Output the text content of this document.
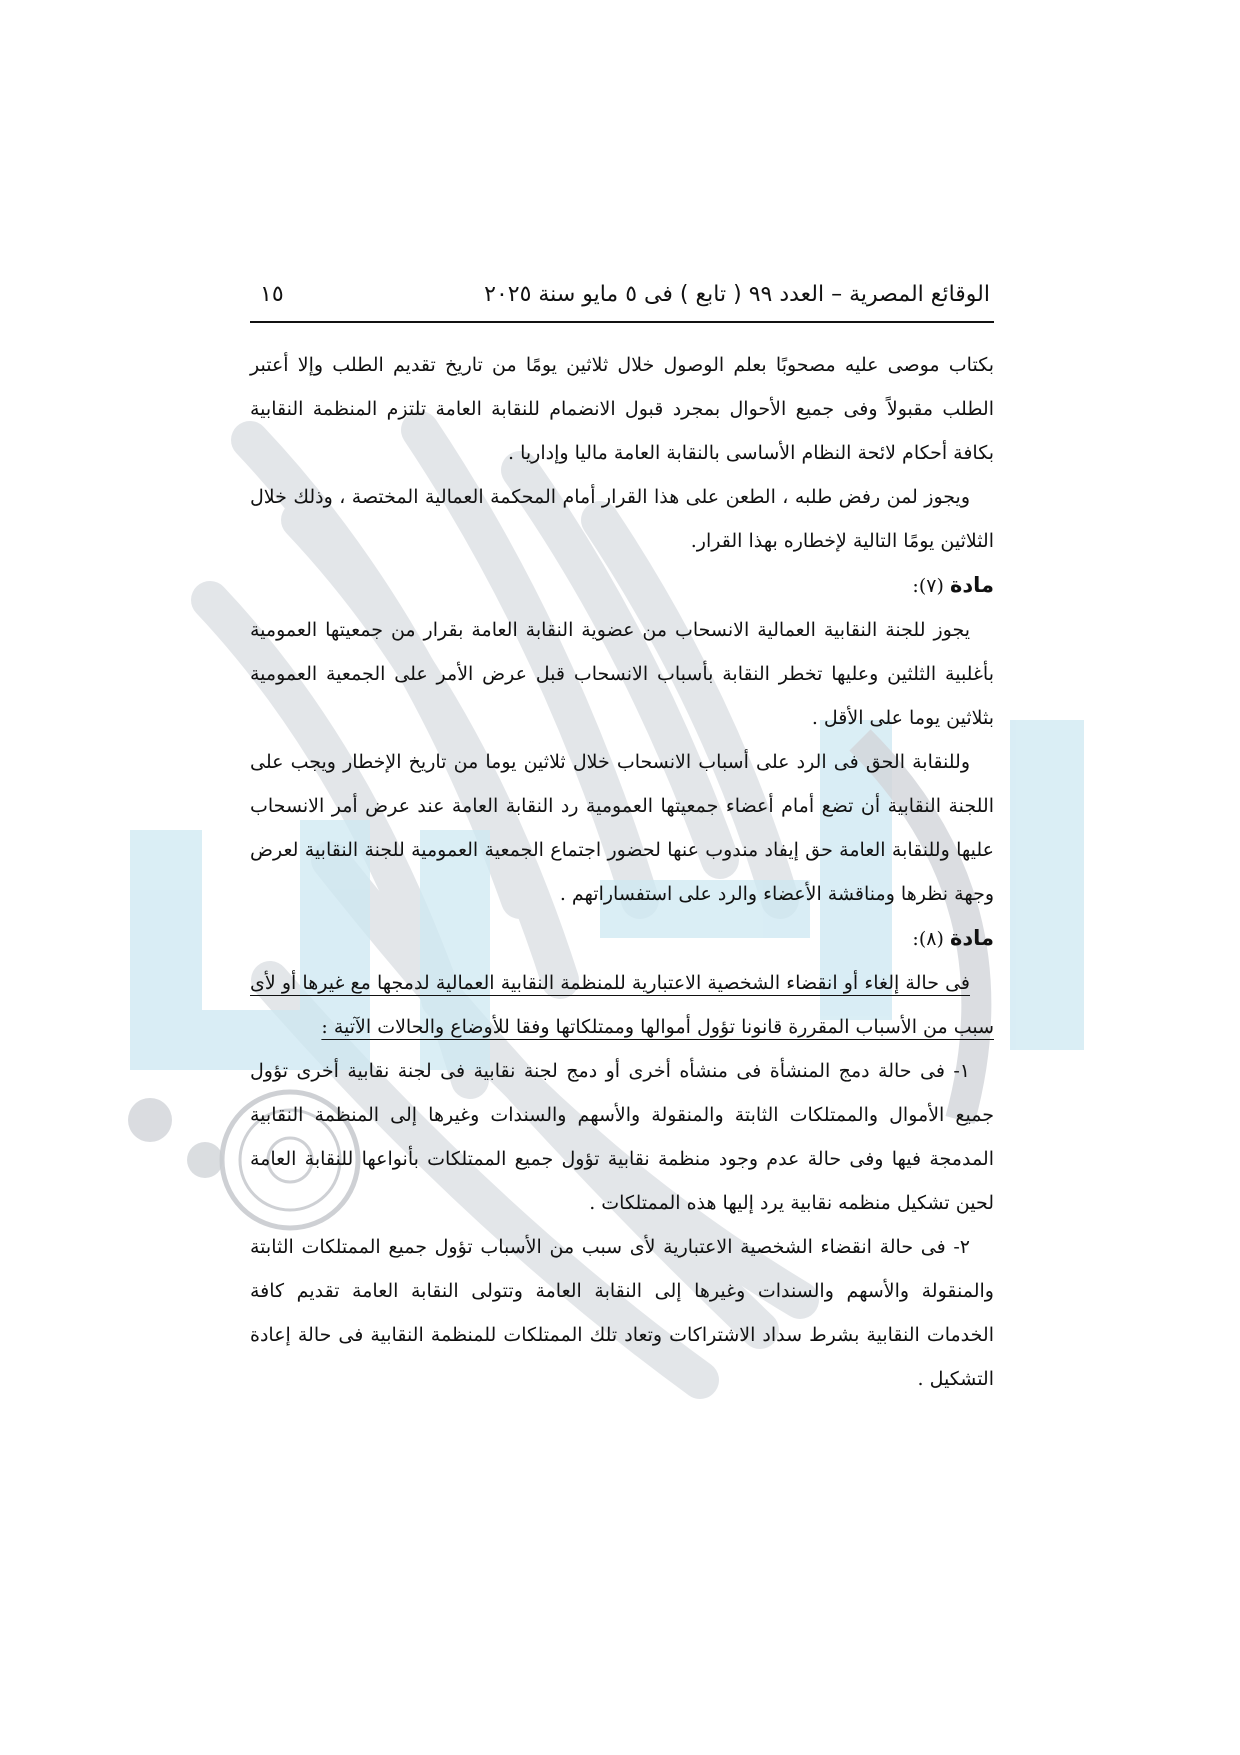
الوقائع المصرية – العدد ٩٩ ( تابع ) فى ٥ مايو سنة ٢٠٢٥
١٥

بكتاب موصى عليه مصحوبًا بعلم الوصول خلال ثلاثين يومًا من تاريخ تقديم الطلب وإلا أعتبر الطلب مقبولاً وفى جميع الأحوال بمجرد قبول الانضمام للنقابة العامة تلتزم المنظمة النقابية بكافة أحكام لائحة النظام الأساسى بالنقابة العامة ماليا وإداريا .

ويجوز لمن رفض طلبه ، الطعن على هذا القرار أمام المحكمة العمالية المختصة ، وذلك خلال الثلاثين يومًا التالية لإخطاره بهذا القرار.

مادة (٧):

يجوز للجنة النقابية العمالية الانسحاب من عضوية النقابة العامة بقرار من جمعيتها العمومية بأغلبية الثلثين وعليها تخطر النقابة بأسباب الانسحاب قبل عرض الأمر على الجمعية العمومية بثلاثين يوما على الأقل .

وللنقابة الحق فى الرد على أسباب الانسحاب خلال ثلاثين يوما من تاريخ الإخطار ويجب على اللجنة النقابية أن تضع أمام أعضاء جمعيتها العمومية رد النقابة العامة عند عرض أمر الانسحاب عليها وللنقابة العامة حق إيفاد مندوب عنها لحضور اجتماع الجمعية العمومية للجنة النقابية لعرض وجهة نظرها ومناقشة الأعضاء والرد على استفساراتهم .

مادة (٨):

فى حالة إلغاء أو انقضاء الشخصية الاعتبارية للمنظمة النقابية العمالية لدمجها مع غيرها أو لأى سبب من الأسباب المقررة قانونا تؤول أموالها وممتلكاتها وفقا للأوضاع والحالات الآتية :

١- فى حالة دمج المنشأة فى منشأه أخرى أو دمج لجنة نقابية فى لجنة نقابية أخرى تؤول جميع الأموال والممتلكات الثابتة والمنقولة والأسهم والسندات وغيرها إلى المنظمة النقابية المدمجة فيها وفى حالة عدم وجود منظمة نقابية تؤول جميع الممتلكات بأنواعها للنقابة العامة لحين تشكيل منظمه نقابية يرد إليها هذه الممتلكات .

٢- فى حالة انقضاء الشخصية الاعتبارية لأى سبب من الأسباب تؤول جميع الممتلكات الثابتة والمنقولة والأسهم والسندات وغيرها إلى النقابة العامة وتتولى النقابة العامة تقديم كافة الخدمات النقابية بشرط سداد الاشتراكات وتعاد تلك الممتلكات للمنظمة النقابية فى حالة إعادة التشكيل .
